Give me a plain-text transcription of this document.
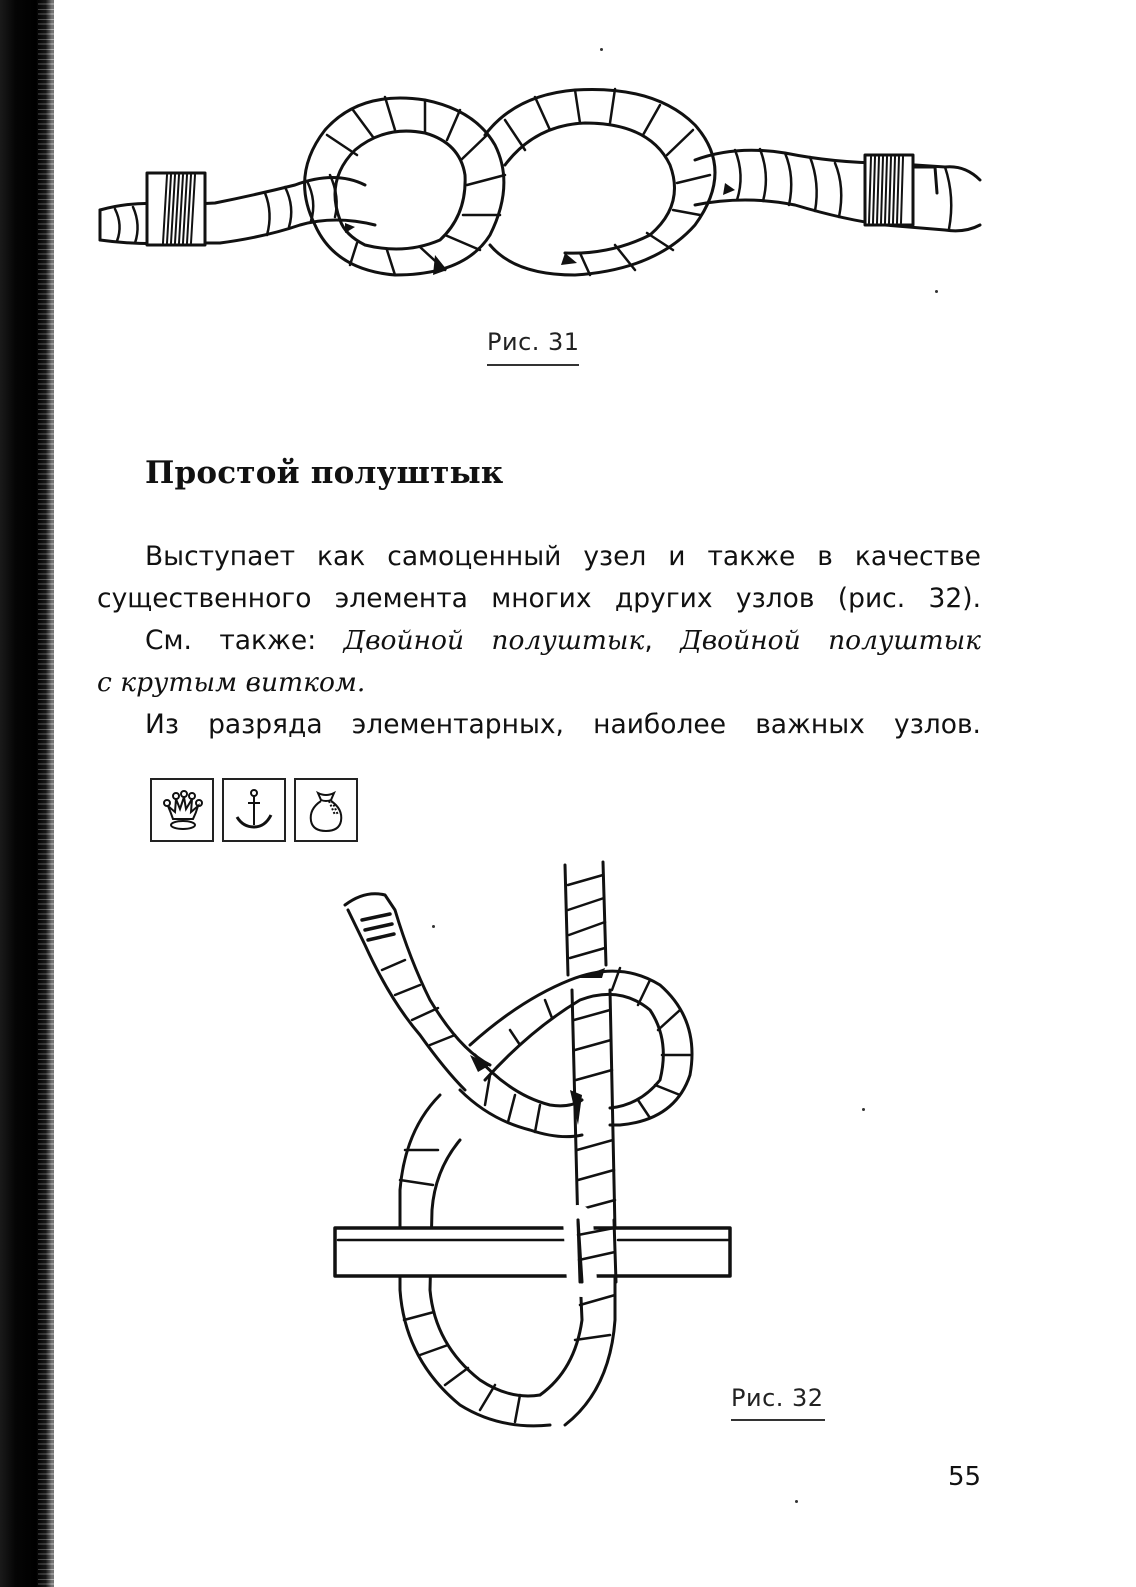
Рис. 31
Простой полуштык
Выступает как самоценный узел и также в качестве
существенного элемента многих других узлов (рис. 32).
См. также: Двойной полуштык, Двойной полуштык
с крутым витком.
Из разряда элементарных, наиболее важных узлов.
Рис. 32
55
